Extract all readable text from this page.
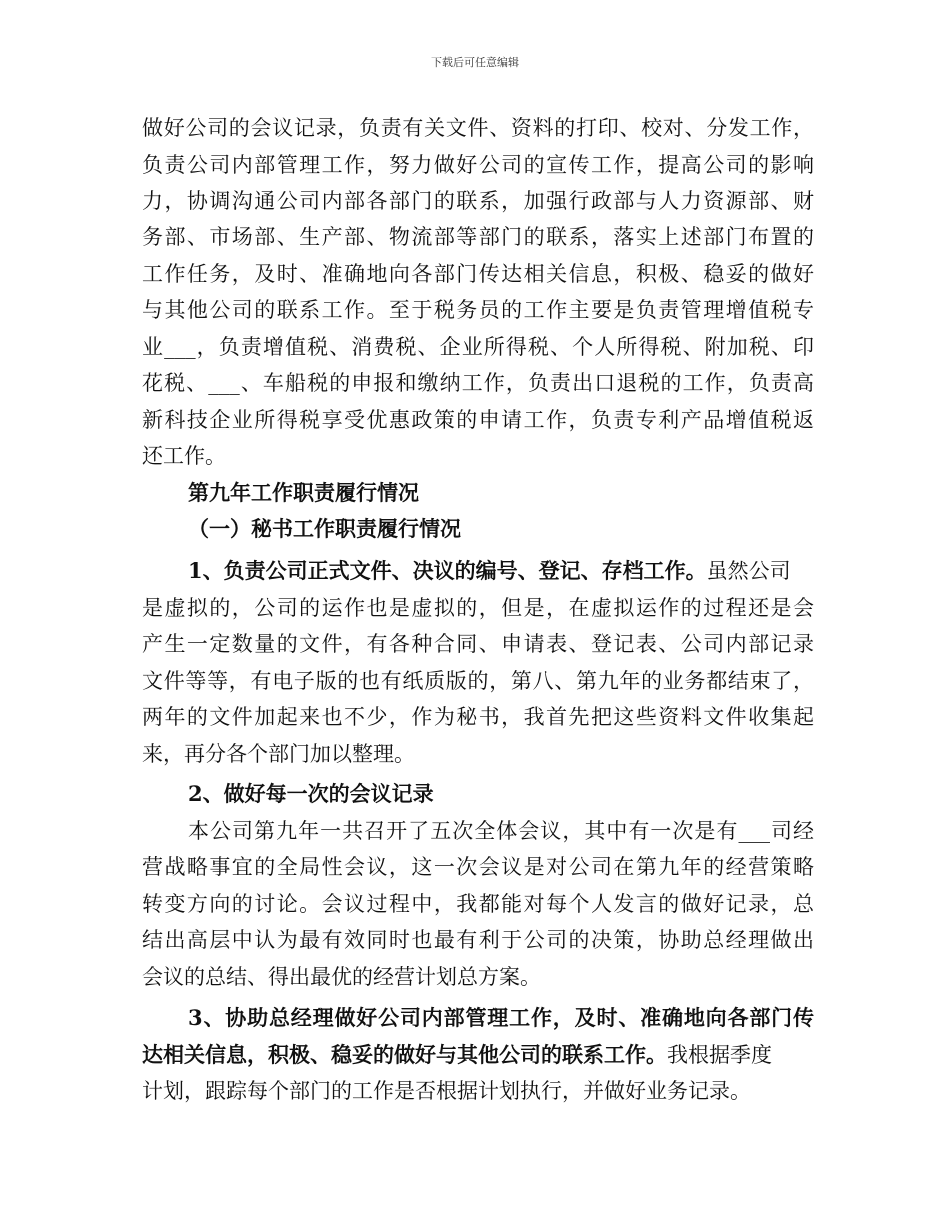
下载后可任意编辑
做好公司的会议记录，负责有关文件、资料的打印、校对、分发工作，
负责公司内部管理工作，努力做好公司的宣传工作，提高公司的影响
力，协调沟通公司内部各部门的联系，加强行政部与人力资源部、财
务部、市场部、生产部、物流部等部门的联系，落实上述部门布置的
工作任务，及时、准确地向各部门传达相关信息，积极、稳妥的做好
与其他公司的联系工作。至于税务员的工作主要是负责管理增值税专
业___，负责增值税、消费税、企业所得税、个人所得税、附加税、印
花税、___、车船税的申报和缴纳工作，负责出口退税的工作，负责高
新科技企业所得税享受优惠政策的申请工作，负责专利产品增值税返
还工作。
第九年工作职责履行情况
（一）秘书工作职责履行情况
1、负责公司正式文件、决议的编号、登记、存档工作。虽然公司
是虚拟的，公司的运作也是虚拟的，但是，在虚拟运作的过程还是会
产生一定数量的文件，有各种合同、申请表、登记表、公司内部记录
文件等等，有电子版的也有纸质版的，第八、第九年的业务都结束了，
两年的文件加起来也不少，作为秘书，我首先把这些资料文件收集起
来，再分各个部门加以整理。
2、做好每一次的会议记录
本公司第九年一共召开了五次全体会议，其中有一次是有___司经
营战略事宜的全局性会议，这一次会议是对公司在第九年的经营策略
转变方向的讨论。会议过程中，我都能对每个人发言的做好记录，总
结出高层中认为最有效同时也最有利于公司的决策，协助总经理做出
会议的总结、得出最优的经营计划总方案。
3、协助总经理做好公司内部管理工作，及时、准确地向各部门传
达相关信息，积极、稳妥的做好与其他公司的联系工作。我根据季度
计划，跟踪每个部门的工作是否根据计划执行，并做好业务记录。
